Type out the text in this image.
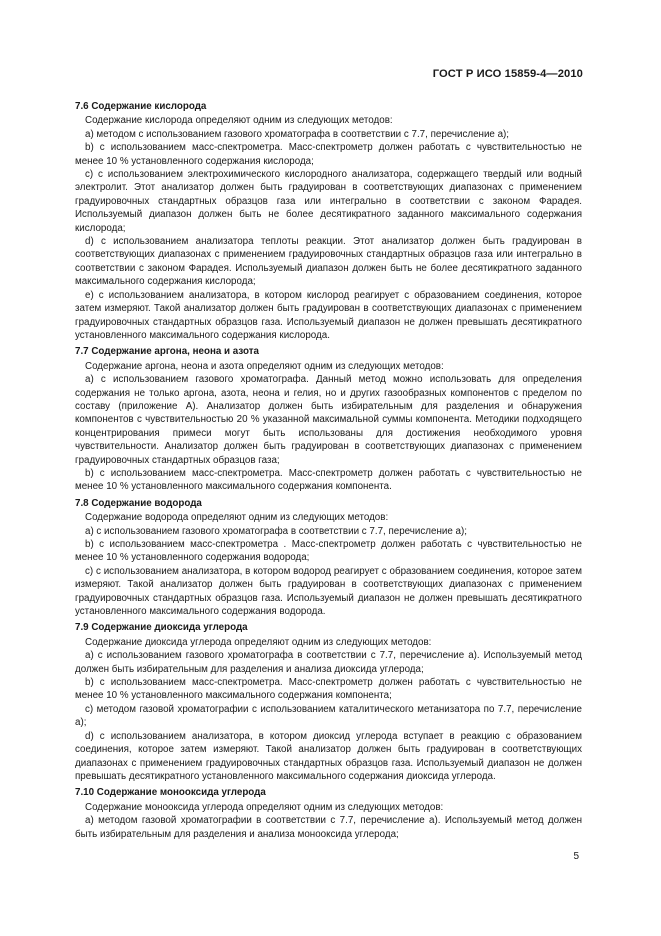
ГОСТ Р ИСО 15859-4—2010
7.6 Содержание кислорода

Содержание кислорода определяют одним из следующих методов:

а) методом с использованием газового хроматографа в соответствии с 7.7, перечисление а);

b) с использованием масс-спектрометра. Масс-спектрометр должен работать с чувствительностью не менее 10 % установленного содержания кислорода;

с) с использованием электрохимического кислородного анализатора, содержащего твердый или водный электролит. Этот анализатор должен быть градуирован в соответствующих диапазонах с применением градуировочных стандартных образцов газа или интегрально в соответствии с законом Фарадея. Используемый диапазон должен быть не более десятикратного заданного максимального содержания кислорода;

d) с использованием анализатора теплоты реакции. Этот анализатор должен быть градуирован в соответствующих диапазонах с применением градуировочных стандартных образцов газа или интегрально в соответствии с законом Фарадея. Используемый диапазон должен быть не более десятикратного заданного максимального содержания кислорода;

е) с использованием анализатора, в котором кислород реагирует с образованием соединения, которое затем измеряют. Такой анализатор должен быть градуирован в соответствующих диапазонах с применением градуировочных стандартных образцов газа. Используемый диапазон не должен превышать десятикратного установленного максимального содержания кислорода.

7.7 Содержание аргона, неона и азота

Содержание аргона, неона и азота определяют одним из следующих методов:

а) с использованием газового хроматографа. Данный метод можно использовать для определения содержания не только аргона, азота, неона и гелия, но и других газообразных компонентов с пределом по составу (приложение А). Анализатор должен быть избирательным для разделения и обнаружения компонентов с чувствительностью 20 % указанной максимальной суммы компонента. Методики подходящего концентрирования примеси могут быть использованы для достижения необходимого уровня чувствительности. Анализатор должен быть градуирован в соответствующих диапазонах с применением градуировочных стандартных образцов газа;

b) с использованием масс-спектрометра. Масс-спектрометр должен работать с чувствительностью не менее 10 % установленного максимального содержания компонента.

7.8 Содержание водорода

Содержание водорода определяют одним из следующих методов:

а) с использованием газового хроматографа в соответствии с 7.7, перечисление а);

b) с использованием масс-спектрометра . Масс-спектрометр должен работать с чувствительностью не менее 10 % установленного содержания водорода;

с) с использованием анализатора, в котором водород реагирует с образованием соединения, которое затем измеряют. Такой анализатор должен быть градуирован в соответствующих диапазонах с применением градуировочных стандартных образцов газа. Используемый диапазон не должен превышать десятикратного установленного максимального содержания водорода.

7.9 Содержание диоксида углерода

Содержание диоксида углерода определяют одним из следующих методов:

а) с использованием газового хроматографа в соответствии с 7.7, перечисление а). Используемый метод должен быть избирательным для разделения и анализа диоксида углерода;

b) с использованием масс-спектрометра. Масс-спектрометр должен работать с чувствительностью не менее 10 % установленного максимального содержания компонента;

с) методом газовой хроматографии с использованием каталитического метанизатора по 7.7, перечисление а);

d) с использованием анализатора, в котором диоксид углерода вступает в реакцию с образованием соединения, которое затем измеряют. Такой анализатор должен быть градуирован в соответствующих диапазонах с применением градуировочных стандартных образцов газа. Используемый диапазон не должен превышать десятикратного установленного максимального содержания диоксида углерода.

7.10 Содержание монооксида углерода

Содержание монооксида углерода определяют одним из следующих методов:

а) методом газовой хроматографии в соответствии с 7.7, перечисление а). Используемый метод должен быть избирательным для разделения и анализа монооксида углерода;

5
